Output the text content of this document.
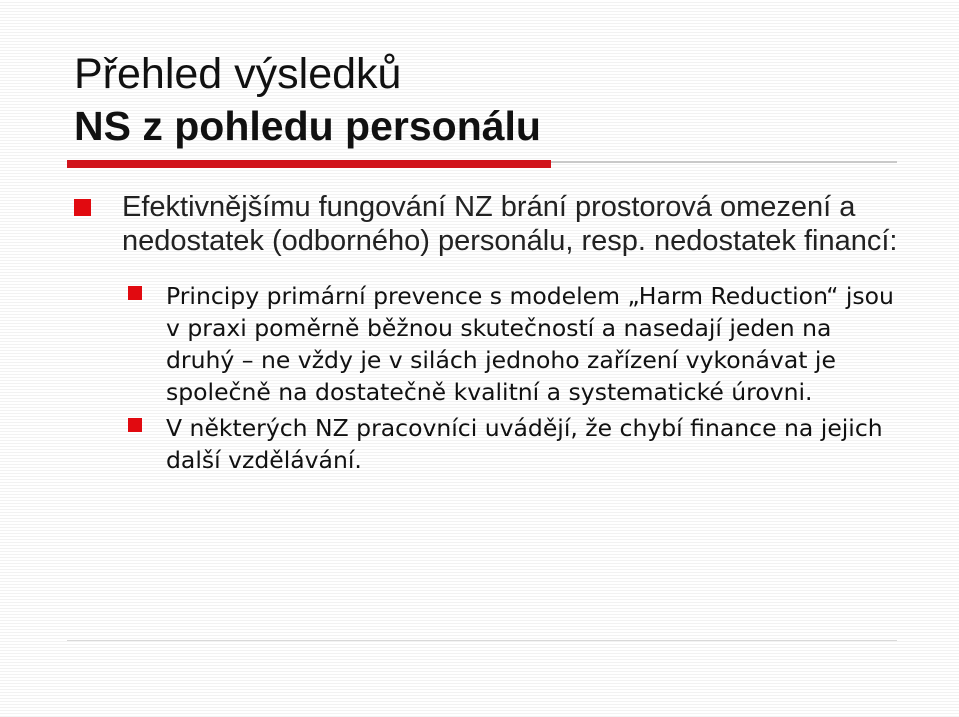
Přehled výsledků
NS z pohledu personálu
Efektivnějšímu fungování NZ brání prostorová omezení a nedostatek (odborného) personálu, resp. nedostatek financí:
Principy primární prevence s modelem „Harm Reduction“ jsou v praxi poměrně běžnou skutečností a nasedají jeden na druhý – ne vždy je v silách jednoho zařízení vykonávat je společně na dostatečně kvalitní a systematické úrovni.
V některých NZ pracovníci uvádějí, že chybí finance na jejich další vzdělávání.
